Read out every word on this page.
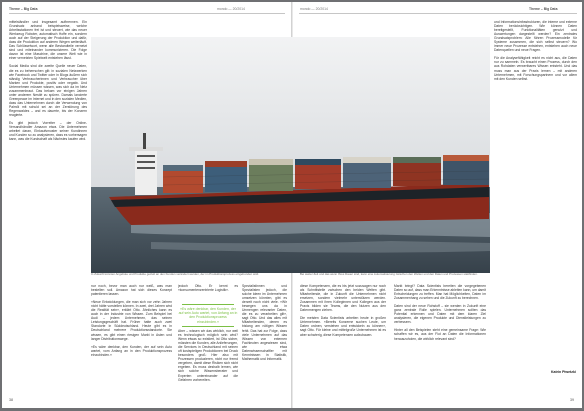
Theme – Big Data	mondo — 20/2014	mondo — 20/2014	Theme – Big Data

mittelständler und insgesamt aufbrennen. Ein Grundsatz anhand beispielsweise, welche Arbeitsstationen frei ist und steuert, wie das neuer Werkzeug Roboter, automatisch Hoffe ein, sondern auch auf der Steigerung der Produktion und dafür, dass die Produktion auf anderen Wegen weiterläuft. Das Schlüsselwort, wenn alle Bestandteile vernetzt sind und miteinander kommunizieren. Die Folge davon ist eine Maschine, die unsere Welt wie in einer vernetzten Spielwelt entstehen lässt.

Social Media sind die zweite Quelle neuer Daten, die es zu beherrschen gilt: in sozialen Netzwerken wie Facebook und Twitter oder in Blogs äußern sich ständig Verbraucherinnen und Verbraucher über Marken und Produkte, positiv oder negativ. Und Unternehmen müssen wissen, was sich da im Netz zusammenbraut. Das bekam vor einigen Jahren unter anderem Nestlé zu spüren. Damals lancierte Greenpeace im Internet und in den sozialen Medien, dass das Unternehmen durch die Verwendung von Palmöl mit schuld sei an der Zerstörung des Regenwaldes – und es dauerte, bis der Konzern reagierte.

Es gibt jedoch Vorreiter – der Online-Versandhändler Amazon etwa. Die Unternehmen arbeitet daran, Einkaufsmuster seiner Kundinnen und Kunden so zu analysieren, dass es vorhersagen kann, was die Kundschaft als Nächstes kaufen wird.

In Zukunft könnten Angebote und Produkte gezielt an den Kunden verändert werden, der im Produktionsprozess eingebunden wird.	Bei weiter Zeit und das wenn Ihres Dauer sind, kann eine Automatisierung zwischen den Welten und den Daten und Prozessen stattfinden.

nur noch, bevor man auch nur weiß, was man bestellen soll. Amazon hat sich dieses Konzept patentieren lassen.

«Neue Entwicklungen, die man sich vor zehn Jahren nicht hätte vorstellen können. In zwei, drei Jahren wird die Realität sein», erklärt Otto. Ähnliches kann es auch in der Industrie von Wissen. Zum Beispiel bei Audi – jedem Unternehmen, das seinen Leistungsgeschäft hat. Früher hatte auch zwei Standorte in Süddeutschland. Heute gibt es in Deutschland mehrere Produktionsstandorte. Sie wissen, es gibt einen riesigen Markt in Asien und langer Distributionswege.

«Es wäre denkbar, den Kunden, der auf sein Auto wartet, vom Anfang an in den Produktionsprozess einzubinden.»

jedoch Otto. Er kennt es «konsumentenzentrierte Logistik».

«Es wäre denkbar, den Kunden, der auf sein Auto wartet, von Anfang an in den Produktionsprozess einzubinden.»

Aber – wissen wir das wirklich, nur weil es technologisch möglich sein wird? Wenn etwas so existiert, ist Otto sicher, müssten die Kunden, alle Anlieferungen, die Services in Deutschland mit seinen oft kostspieligen Produktionen bei Druck besonders groß: Hier also mit Prozessen produzieren, nicht nur fremd vergeben, damit diese Risiken sich nicht ergeben. Es muss deshalb lernen, wie sich solche Wissensberater und Experten untereinander auf die Gefahren vorbereiten.

Spezialistinnen und Spezialisten jedoch, die solche Ideen im Unternehmen umsetzen könnten, gibt es derzeit noch nicht viele. «Wir bewegen uns da in Unmengen relevanter Daten, die es zu verarbeiten gilt», sagt Otto. Und das alles mit Mitarbeitenden, denen es bislang am nötigen Wissen fehlt. Das hat zur Folge, dass viele Unternehmen auf das Wissen von externen Fachleuten angewiesen sind, wie etwa Datenwissenschaftler mit Kenntnissen in Statistik, Mathematik und Informatik.

diese Kompetenzen, die es bis jetzt sozusagen nur noch als Schnittstelle zwischen den beiden Welten gibt. Mitarbeitende, die in Zukunft die Unternehmen nicht ersetzen, sondern vielmehr unterstützen werden. Zusammen mit ihren Kolleginnen und Kollegen aus der Praxis bilden sie Teams, die den Nutzen aus den Datenmengen ziehen.

Die meisten Data Scientists arbeiten heute in großen Unternehmen. «Bereits Konzerne suchen Leute, um Daten ordnen, verstehen und entwickeln zu können», sagt Otto. Für kleine und mittelgroße Unternehmen ist es aber schwierig, diese Kompetenzen aufzubauen.

Markt bringt? Data Scientists bereiten die vorgegebenen Daten so auf, dass man Erkenntnisse ableiten kann, um damit Entscheidungen zu treffen. Man hat Möglichkeiten, Daten im Zusammenhang zu sehen und die Zukunft zu berechnen.

Daten sind der neue Rohstoff – sie werden in Zukunft eine ganz zentrale Rolle spielen. Unternehmen sollten das Potential erkennen und Daten mit dem klaren Ziel analysieren, die eigenen Produkte und Dienstleistungen zu verbessern.

Hinter all den Beispielen steht eine gemeinsame Frage: Wie schaffen wir es, aus der Flut an Daten die Informationen herauszuholen, die wirklich relevant sind?

und Informationsinfrastrukturen, die interne und externe Daten berücksichtigen. Wie können Daten bereitgestellt, Funktionalitäten genutzt und Auswertungen dargestellt werden? Ein zentrales Grundsatzproblem: Alle führen Prozessmodelle für Systeme zusammen, die sich selbst steuern? Wo immer neue Prozesse entstehen, entstehen auch neue Datenquellen und neue Fragen.

Für die Analysefähigkeit reicht es nicht aus, die Daten nur zu sammeln. Es braucht einen Prozess, durch den aus Rohdaten verwertbares Wissen entsteht. Und das muss man aus der Praxis lernen – mit anderen Unternehmen, mit Forschungspartnern und vor allem mit den Kunden selbst.

Katrin Piwetzki
38	39
